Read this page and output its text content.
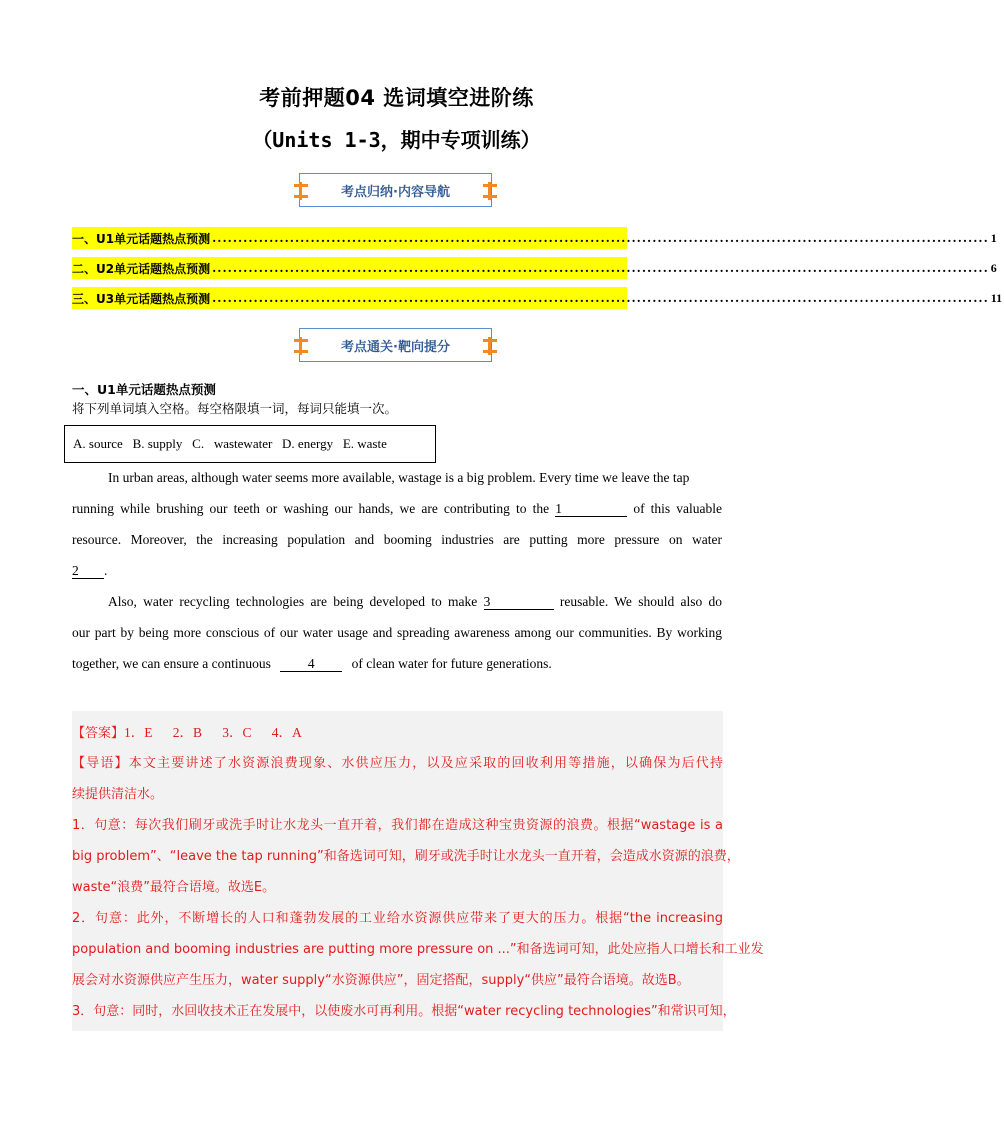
考前押题04 选词填空进阶练
（Units 1-3，期中专项训练）
考点归纳·内容导航
一、U1单元话题热点预测 ...................................................................................................................................................... 1
二、U2单元话题热点预测 ...................................................................................................................................................... 6
三、U3单元话题热点预测 ...................................................................................................................................................... 11
考点通关·靶向提分
一、U1单元话题热点预测
将下列单词填入空格。每空格限填一词，每词只能填一次。
A. source   B. supply   C.   wastewater   D. energy   E. waste
In urban areas, although water seems more available, wastage is a big problem. Every time we leave the tap
running while brushing our teeth or washing our hands, we are contributing to the 1	of this valuable
resource. Moreover, the increasing population and booming industries are putting more pressure on water
2 .
Also, water recycling technologies are being developed to make 3	reusable. We should also do
our part by being more conscious of our water usage and spreading awareness among our communities. By working
together, we can ensure a continuous	4	of clean water for future generations.
【答案】1．E      2．B      3．C      4．A
【导语】本文主要讲述了水资源浪费现象、水供应压力，以及应采取的回收利用等措施，以确保为后代持
续提供清洁水。
1．句意：每次我们刷牙或洗手时让水龙头一直开着，我们都在造成这种宝贵资源的浪费。根据“wastage is a
big problem”、“leave the tap running”和备选词可知，刷牙或洗手时让水龙头一直开着，会造成水资源的浪费，
waste“浪费”最符合语境。故选E。
2．句意：此外，不断增长的人口和蓬勃发展的工业给水资源供应带来了更大的压力。根据“the increasing
population and booming industries are putting more pressure on ...”和备选词可知，此处应指人口增长和工业发
展会对水资源供应产生压力，water supply“水资源供应”，固定搭配，supply“供应”最符合语境。故选B。
3．句意：同时，水回收技术正在发展中，以使废水可再利用。根据“water recycling technologies”和常识可知，
